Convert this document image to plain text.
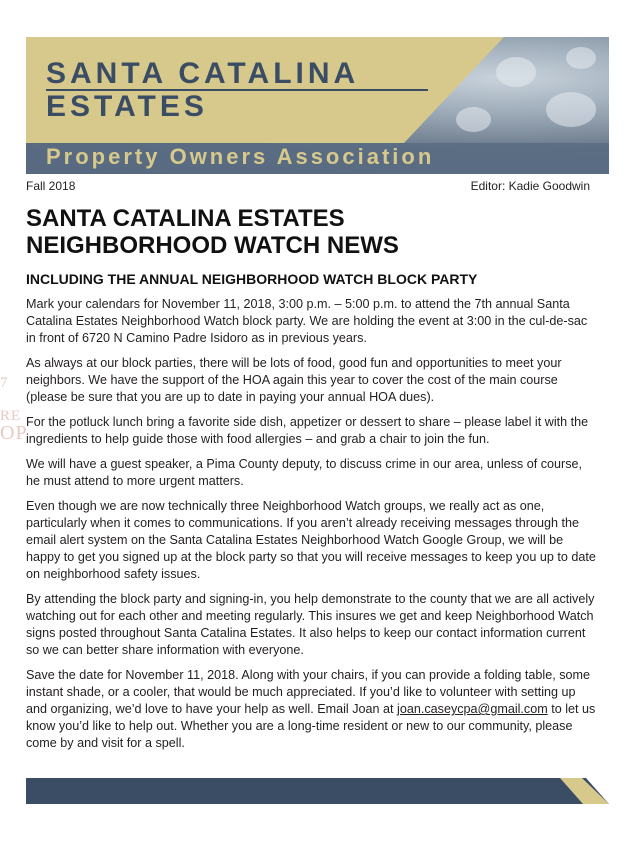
SANTA CATALINA
ESTATES
Property Owners Association
Fall 2018	Editor: Kadie Goodwin
7
RE
OP
SANTA CATALINA ESTATES
NEIGHBORHOOD WATCH NEWS
INCLUDING THE ANNUAL NEIGHBORHOOD WATCH BLOCK PARTY

Mark your calendars for November 11, 2018, 3:00 p.m. – 5:00 p.m. to attend the 7th annual Santa Catalina Estates Neighborhood Watch block party. We are holding the event at 3:00 in the cul-de-sac in front of 6720 N Camino Padre Isidoro as in previous years.

As always at our block parties, there will be lots of food, good fun and opportunities to meet your neighbors. We have the support of the HOA again this year to cover the cost of the main course (please be sure that you are up to date in paying your annual HOA dues).

For the potluck lunch bring a favorite side dish, appetizer or dessert to share – please label it with the ingredients to help guide those with food allergies – and grab a chair to join the fun.

We will have a guest speaker, a Pima County deputy, to discuss crime in our area, unless of course, he must attend to more urgent matters.

Even though we are now technically three Neighborhood Watch groups, we really act as one, particularly when it comes to communications. If you aren’t already receiving messages through the email alert system on the Santa Catalina Estates Neighborhood Watch Google Group, we will be happy to get you signed up at the block party so that you will receive messages to keep you up to date on neighborhood safety issues.

By attending the block party and signing-in, you help demonstrate to the county that we are all actively watching out for each other and meeting regularly. This insures we get and keep Neighborhood Watch signs posted throughout Santa Catalina Estates. It also helps to keep our contact information current so we can better share information with everyone.

Save the date for November 11, 2018. Along with your chairs, if you can provide a folding table, some instant shade, or a cooler, that would be much appreciated. If you’d like to volunteer with setting up and organizing, we’d love to have your help as well. Email Joan at joan.caseycpa@gmail.com to let us know you’d like to help out. Whether you are a long-time resident or new to our community, please come by and visit for a spell.
